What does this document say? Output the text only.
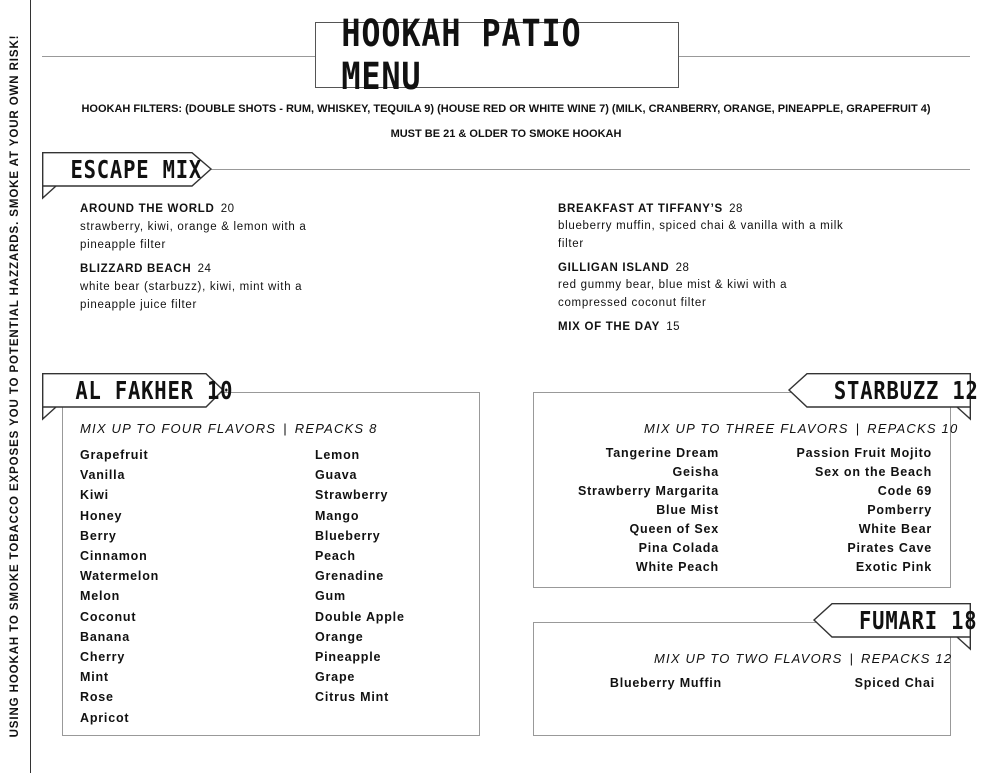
USING HOOKAH TO SMOKE TOBACCO EXPOSES YOU TO POTENTIAL HAZZARDS. SMOKE AT YOUR OWN RISK!
HOOKAH PATIO MENU
HOOKAH FILTERS: (DOUBLE SHOTS - RUM, WHISKEY, TEQUILA 9) (HOUSE RED OR WHITE WINE 7) (MILK, CRANBERRY, ORANGE, PINEAPPLE, GRAPEFRUIT 4)
MUST BE 21 & OLDER TO SMOKE HOOKAH
ESCAPE MIX
AROUND THE WORLD 20
strawberry, kiwi, orange & lemon with a
pineapple filter
BLIZZARD BEACH 24
white bear (starbuzz), kiwi, mint with a
pineapple juice filter
BREAKFAST AT TIFFANY’S 28
blueberry muffin, spiced chai & vanilla with a milk
filter
GILLIGAN ISLAND 28
red gummy bear, blue mist & kiwi with a
compressed coconut filter
MIX OF THE DAY 15
AL FAKHER 10
MIX UP TO FOUR FLAVORS | REPACKS 8
Grapefruit
Vanilla
Kiwi
Honey
Berry
Cinnamon
Watermelon
Melon
Coconut
Banana
Cherry
Mint
Rose
Apricot
Lemon
Guava
Strawberry
Mango
Blueberry
Peach
Grenadine
Gum
Double Apple
Orange
Pineapple
Grape
Citrus Mint
STARBUZZ 12
MIX UP TO THREE FLAVORS | REPACKS 10
Tangerine Dream
Geisha
Strawberry Margarita
Blue Mist
Queen of Sex
Pina Colada
White Peach
Passion Fruit Mojito
Sex on the Beach
Code 69
Pomberry
White Bear
Pirates Cave
Exotic Pink
FUMARI 18
MIX UP TO TWO FLAVORS | REPACKS 12
Blueberry Muffin	Spiced Chai
